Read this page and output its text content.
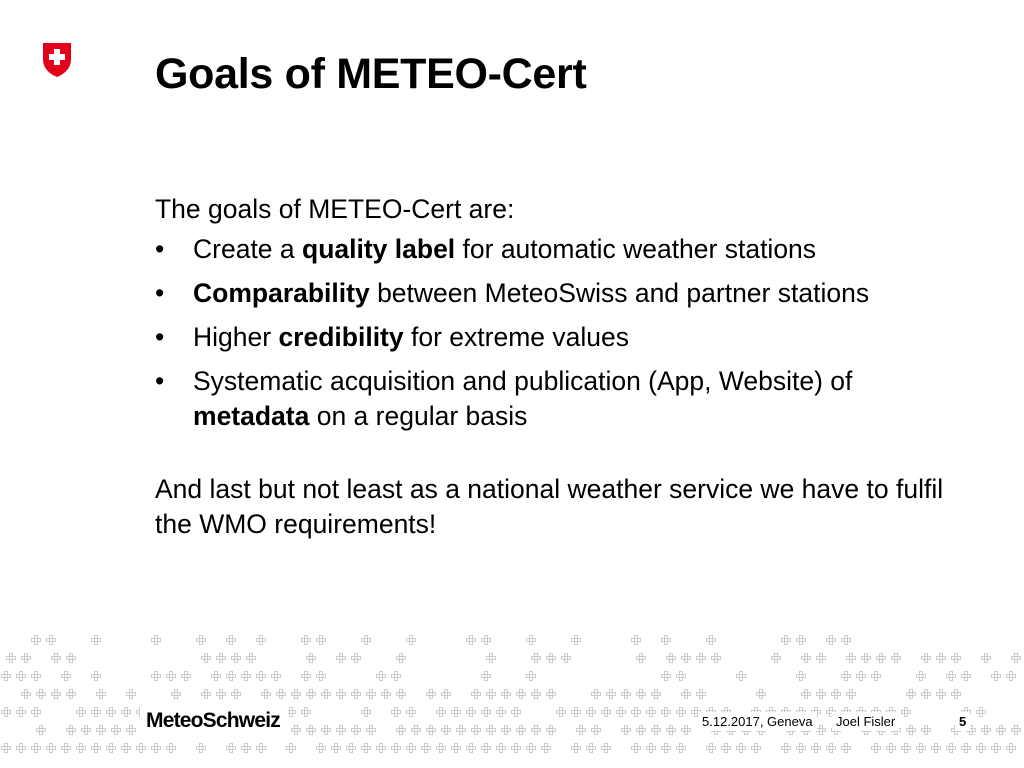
Goals of METEO-Cert

The goals of METEO-Cert are:

• Create a quality label for automatic weather stations
• Comparability between MeteoSwiss and partner stations
• Higher credibility for extreme values
• Systematic acquisition and publication (App, Website) of metadata on a regular basis

And last but not least as a national weather service we have to fulfil the WMO requirements!

MeteoSchweiz	5.12.2017, Geneva	Joel Fisler	5
